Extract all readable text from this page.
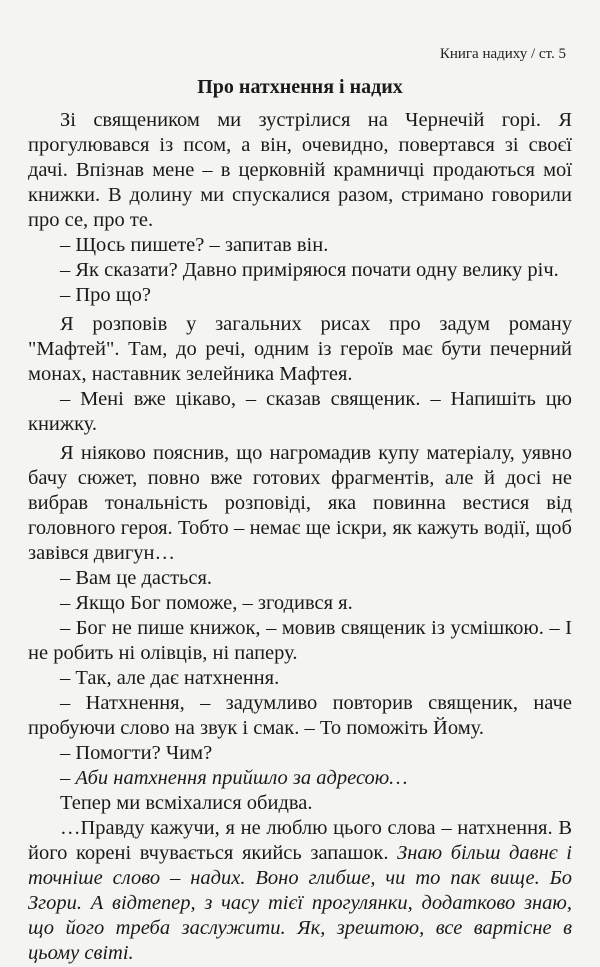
Книга надиху / ст. 5
Про натхнення і надих

Зі священиком ми зустрілися на Чернечій горі. Я прогулювався із псом, а він, очевидно, повертався зі своєї дачі. Впізнав мене – в церковній крамничці продаються мої книжки. В долину ми спускалися разом, стримано говорили про се, про те.

– Щось пишете? – запитав він.

– Як сказати? Давно приміряюся почати одну велику річ.

– Про що?

Я розповів у загальних рисах про задум роману "Мафтей". Там, до речі, одним із героїв має бути печерний монах, наставник зелейника Мафтея.

– Мені вже цікаво, – сказав священик. – Напишіть цю книжку.

Я ніяково пояснив, що нагромадив купу матеріалу, уявно бачу сюжет, повно вже готових фрагментів, але й досі не вибрав тональність розповіді, яка повинна вестися від головного героя. Тобто – немає ще іскри, як кажуть водії, щоб завівся двигун…

– Вам це дасться.

– Якщо Бог поможе, – згодився я.

– Бог не пише книжок, – мовив священик із усмішкою. – І не робить ні олівців, ні паперу.

– Так, але дає натхнення.

– Натхнення, – задумливо повторив священик, наче пробуючи слово на звук і смак. – То поможіть Йому.

– Помогти? Чим?

– Аби натхнення прийшло за адресою…

Тепер ми всміхалися обидва.

…Правду кажучи, я не люблю цього слова – натхнення. В його корені вчувається якийсь запашок. Знаю більш давнє і точніше слово – надих. Воно глибше, чи то пак вище. Бо Згори. А відтепер, з часу тієї прогулянки, додатково знаю, що його треба заслужити. Як, зрештою, все вартісне в цьому світі.
